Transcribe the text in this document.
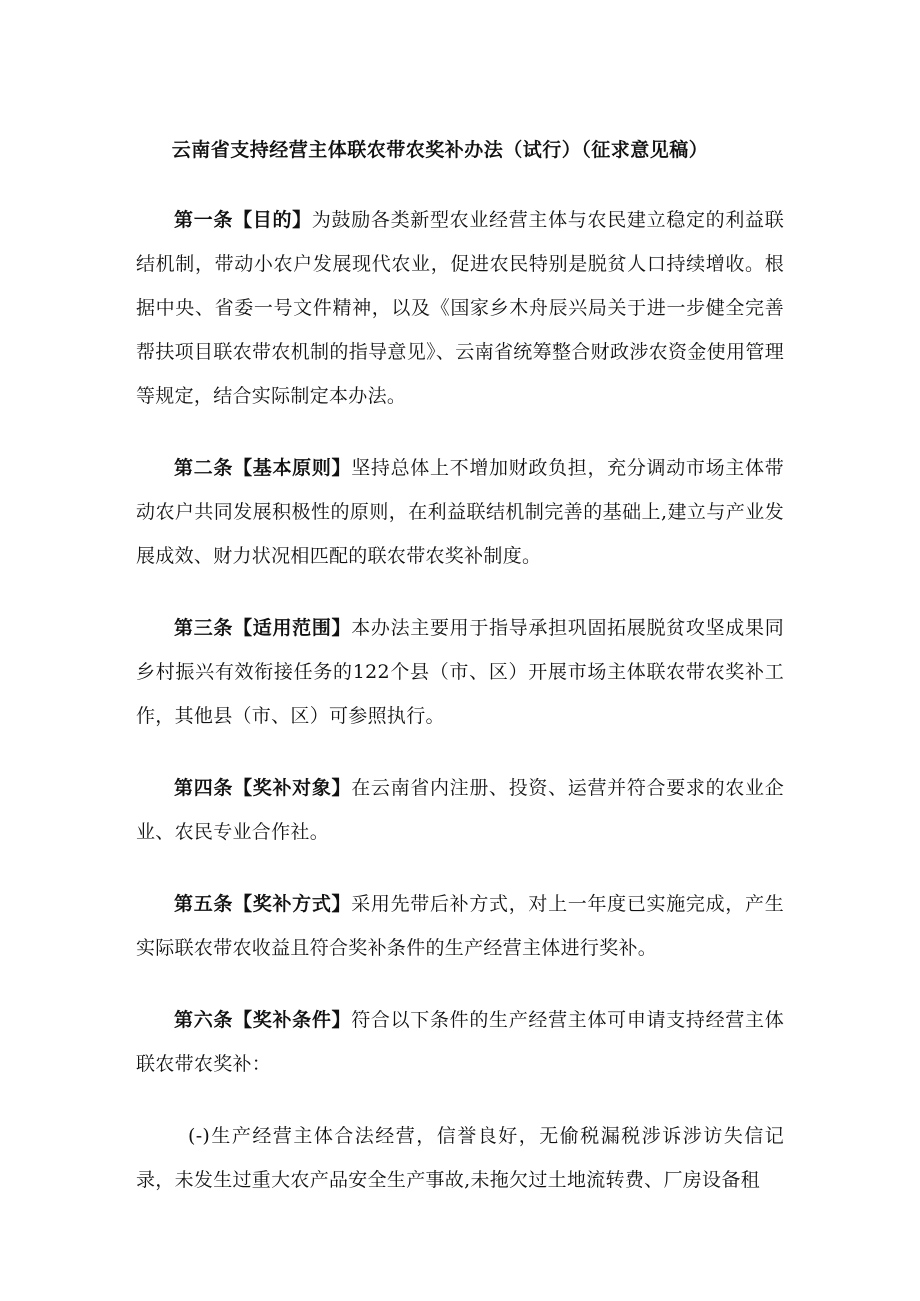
云南省支持经营主体联农带农奖补办法（试行）（征求意见稿）

第一条【目的】为鼓励各类新型农业经营主体与农民建立稳定的利益联结机制，带动小农户发展现代农业，促进农民特别是脱贫人口持续增收。根据中央、省委一号文件精神，以及《国家乡木舟辰兴局关于进一步健全完善帮扶项目联农带农机制的指导意见》、云南省统筹整合财政涉农资金使用管理等规定，结合实际制定本办法。

第二条【基本原则】坚持总体上不增加财政负担，充分调动市场主体带动农户共同发展积极性的原则，在利益联结机制完善的基础上,建立与产业发展成效、财力状况相匹配的联农带农奖补制度。

第三条【适用范围】本办法主要用于指导承担巩固拓展脱贫攻坚成果同乡村振兴有效衔接任务的122个县（市、区）开展市场主体联农带农奖补工作，其他县（市、区）可参照执行。

第四条【奖补对象】在云南省内注册、投资、运营并符合要求的农业企业、农民专业合作社。

第五条【奖补方式】采用先带后补方式，对上一年度已实施完成，产生实际联农带农收益且符合奖补条件的生产经营主体进行奖补。

第六条【奖补条件】符合以下条件的生产经营主体可申请支持经营主体联农带农奖补：

(-)生产经营主体合法经营，信誉良好，无偷税漏税涉诉涉访失信记录，未发生过重大农产品安全生产事故,未拖欠过土地流转费、厂房设备租
